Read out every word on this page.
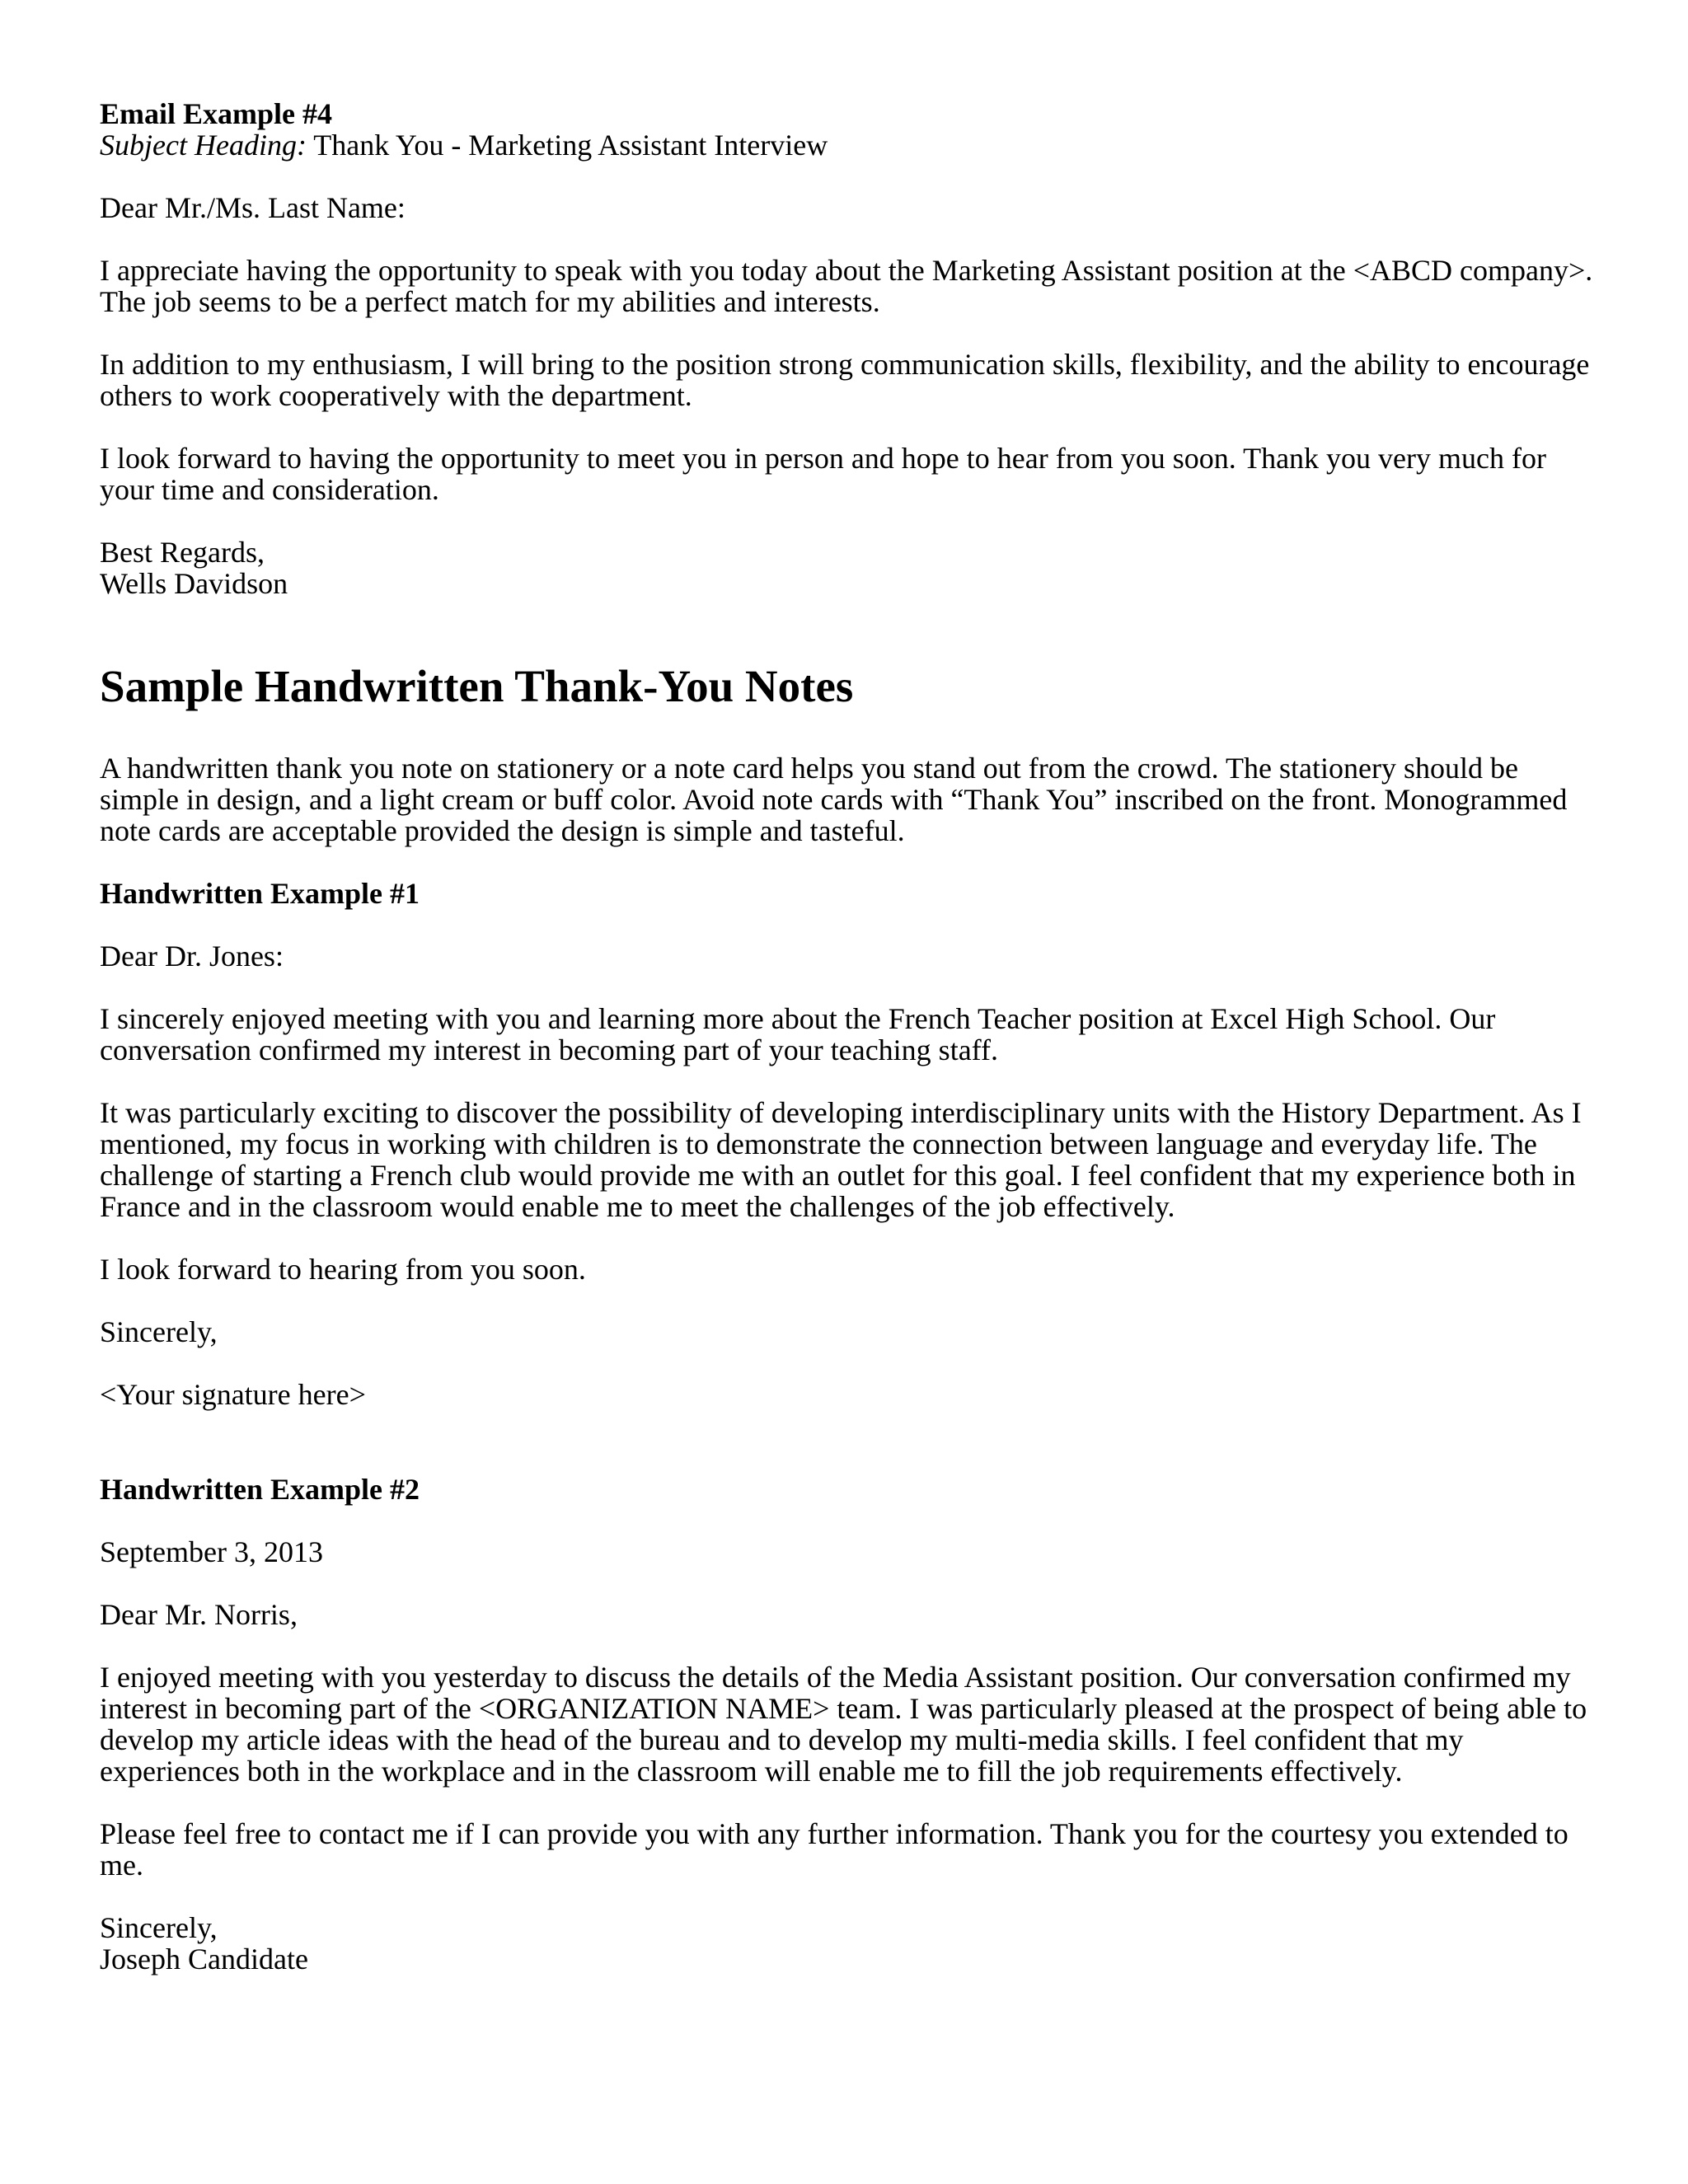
Email Example #4

Subject Heading: Thank You - Marketing Assistant Interview

Dear Mr./Ms. Last Name:

I appreciate having the opportunity to speak with you today about the Marketing Assistant position at the <ABCD company>. The job seems to be a perfect match for my abilities and interests.

In addition to my enthusiasm, I will bring to the position strong communication skills, flexibility, and the ability to encourage others to work cooperatively with the department.

I look forward to having the opportunity to meet you in person and hope to hear from you soon. Thank you very much for your time and consideration.

Best Regards,

Wells Davidson

Sample Handwritten Thank-You Notes

A handwritten thank you note on stationery or a note card helps you stand out from the crowd. The stationery should be simple in design, and a light cream or buff color. Avoid note cards with “Thank You” inscribed on the front. Monogrammed note cards are acceptable provided the design is simple and tasteful.

Handwritten Example #1

Dear Dr. Jones:

I sincerely enjoyed meeting with you and learning more about the French Teacher position at Excel High School. Our conversation confirmed my interest in becoming part of your teaching staff.

It was particularly exciting to discover the possibility of developing interdisciplinary units with the History Department. As I mentioned, my focus in working with children is to demonstrate the connection between language and everyday life. The challenge of starting a French club would provide me with an outlet for this goal. I feel confident that my experience both in France and in the classroom would enable me to meet the challenges of the job effectively.

I look forward to hearing from you soon.

Sincerely,

<Your signature here>

Handwritten Example #2

September 3, 2013

Dear Mr. Norris,

I enjoyed meeting with you yesterday to discuss the details of the Media Assistant position. Our conversation confirmed my interest in becoming part of the <ORGANIZATION NAME> team. I was particularly pleased at the prospect of being able to develop my article ideas with the head of the bureau and to develop my multi-media skills. I feel confident that my experiences both in the workplace and in the classroom will enable me to fill the job requirements effectively.

Please feel free to contact me if I can provide you with any further information. Thank you for the courtesy you extended to me.

Sincerely,

Joseph Candidate
